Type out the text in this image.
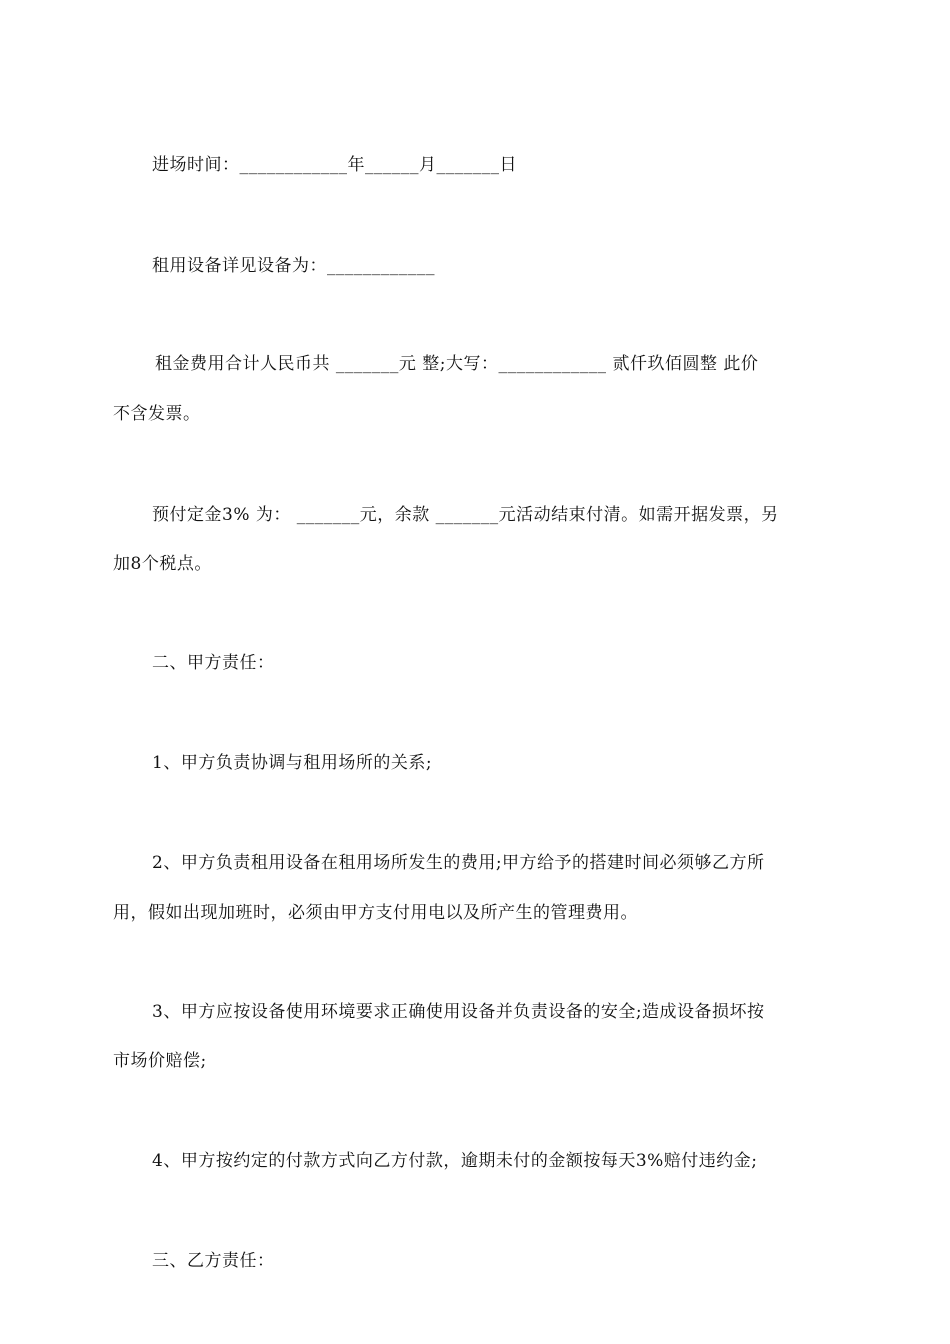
进场时间：____________年______月_______日
租用设备详见设备为：____________
租金费用合计人民币共 _______元 整;大写：____________ 贰仟玖佰圆整 此价
不含发票。
预付定金3% 为： _______元，余款 _______元活动结束付清。如需开据发票，另
加8个税点。
二、甲方责任：
1、甲方负责协调与租用场所的关系;
2、甲方负责租用设备在租用场所发生的费用;甲方给予的搭建时间必须够乙方所
用，假如出现加班时，必须由甲方支付用电以及所产生的管理费用。
3、甲方应按设备使用环境要求正确使用设备并负责设备的安全;造成设备损坏按
市场价赔偿;
4、甲方按约定的付款方式向乙方付款，逾期未付的金额按每天3%赔付违约金;
三、乙方责任：
